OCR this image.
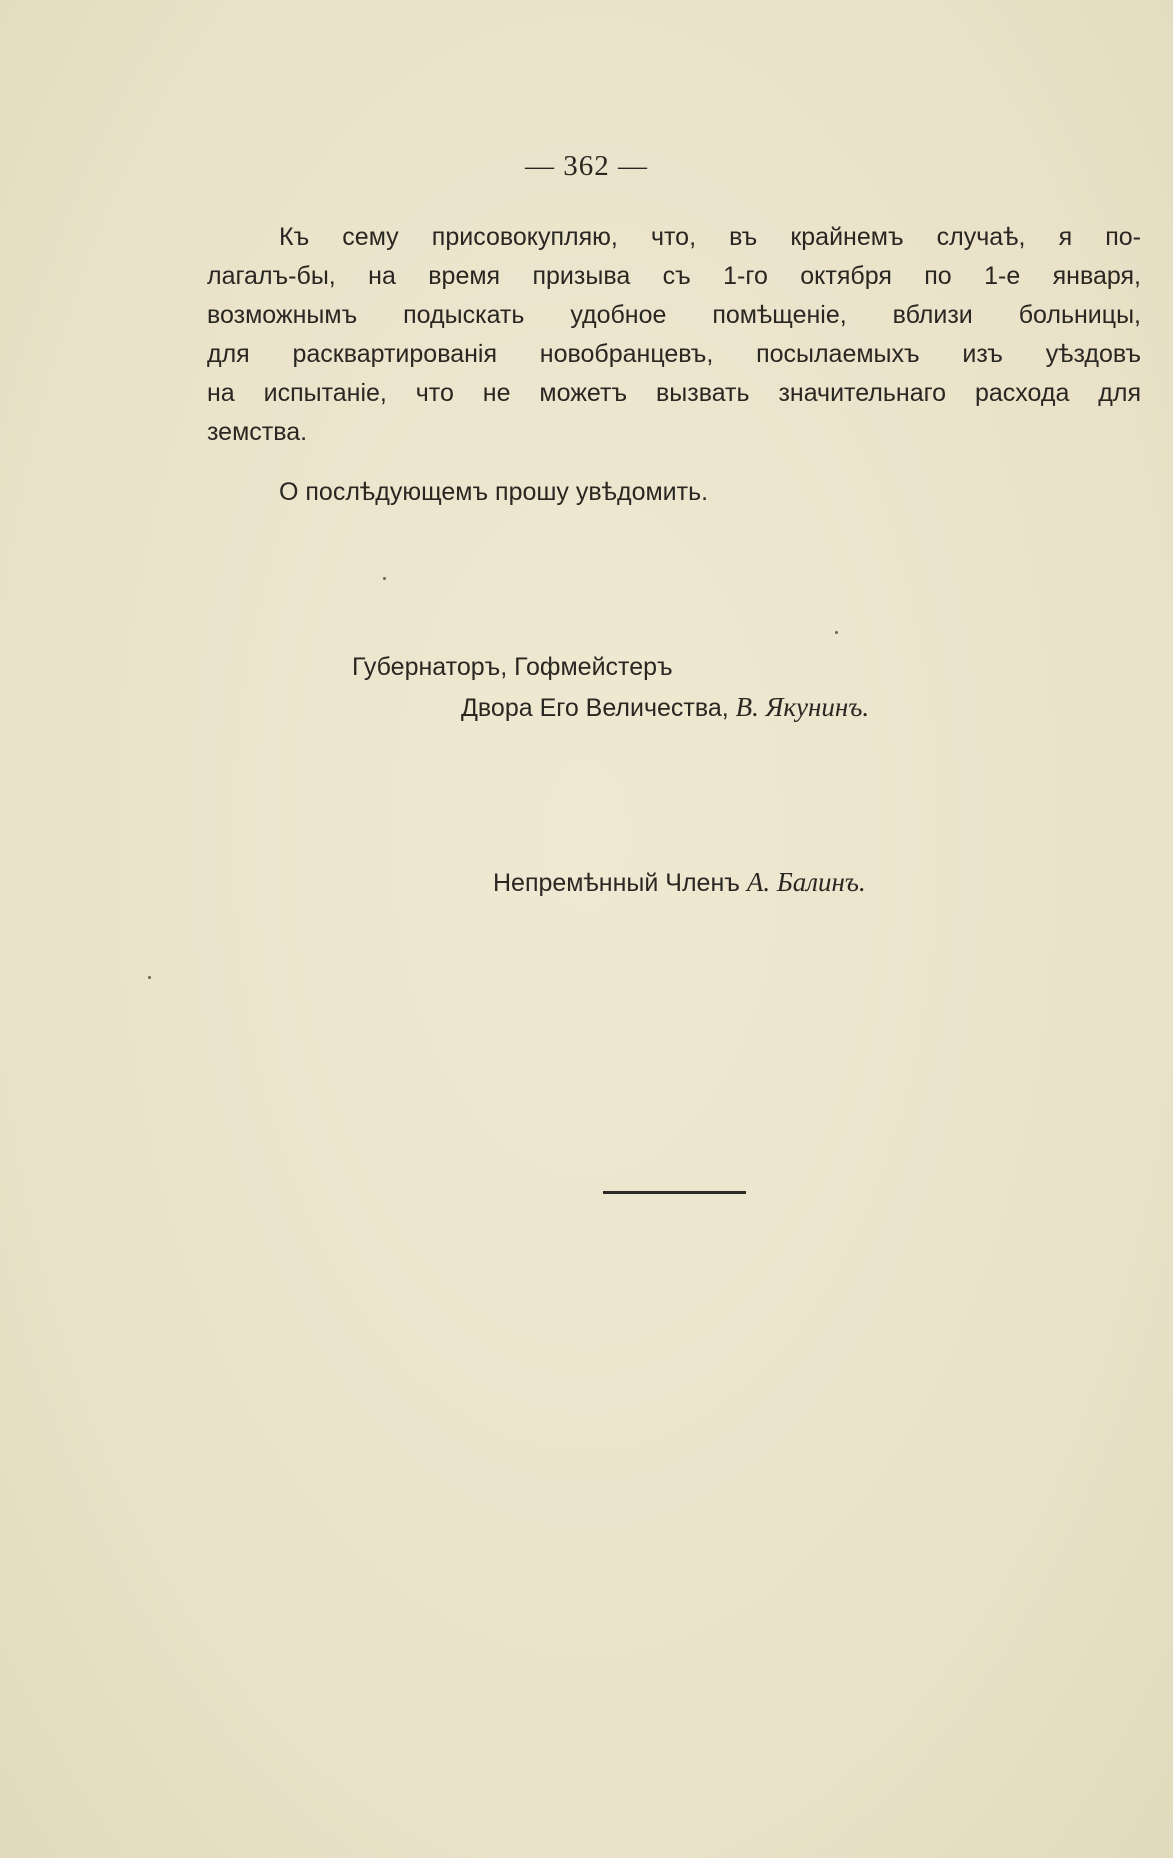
— 362 —

Къ сему присовокупляю, что, въ крайнемъ случаѣ, я по-
лагалъ-бы, на время призыва съ 1-го октября по 1-е января,
возможнымъ подыскать удобное помѣщеніе, вблизи больницы,
для расквартированія новобранцевъ, посылаемыхъ изъ уѣздовъ
на испытаніе, что не можетъ вызвать значительнаго расхода для
земства.

О послѣдующемъ прошу увѣдомить.
Губернаторъ, Гофмейстеръ
Двора Его Величества, В. Якунинъ.
Непремѣнный Членъ А. Балинъ.
